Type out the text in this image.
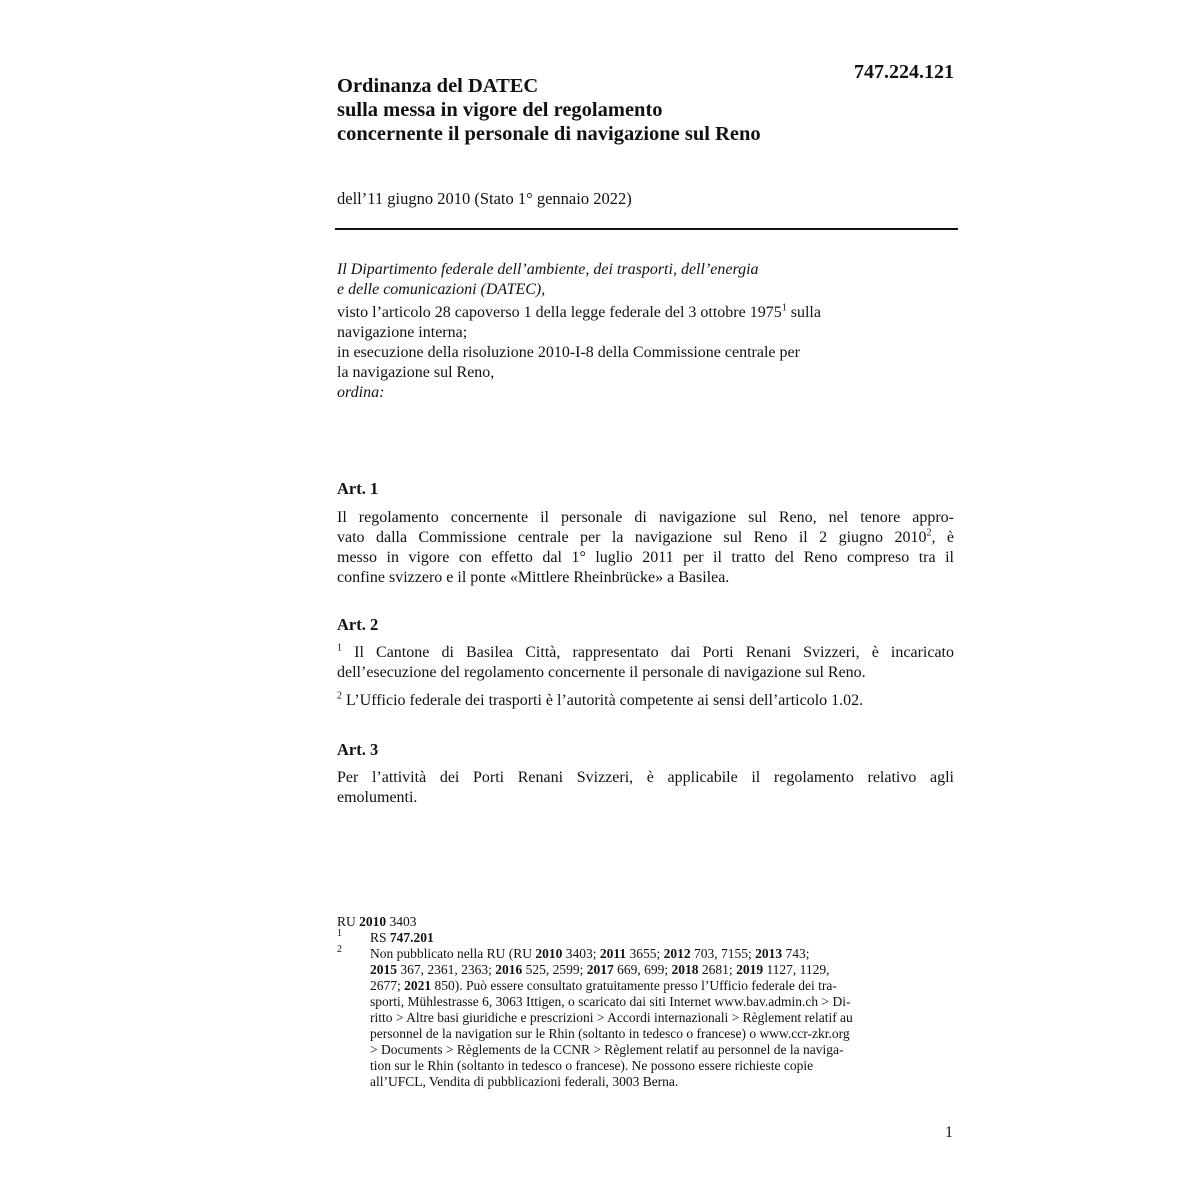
747.224.121
Ordinanza del DATEC
sulla messa in vigore del regolamento
concernente il personale di navigazione sul Reno
dell’11 giugno 2010 (Stato 1° gennaio 2022)
Il Dipartimento federale dell’ambiente, dei trasporti, dell’energia
e delle comunicazioni (DATEC),
visto l’articolo 28 capoverso 1 della legge federale del 3 ottobre 1975$^1$ sulla
navigazione interna;
in esecuzione della risoluzione 2010-I-8 della Commissione centrale per
la navigazione sul Reno,
ordina:
Art. 1
Il regolamento concernente il personale di navigazione sul Reno, nel tenore appro-
vato dalla Commissione centrale per la navigazione sul Reno il 2 giugno 2010$^2$, è
messo in vigore con effetto dal 1° luglio 2011 per il tratto del Reno compreso tra il
confine svizzero e il ponte «Mittlere Rheinbrücke» a Basilea.
Art. 2
$^1$ Il Cantone di Basilea Città, rappresentato dai Porti Renani Svizzeri, è incaricato
dell’esecuzione del regolamento concernente il personale di navigazione sul Reno.
$^2$ L’Ufficio federale dei trasporti è l’autorità competente ai sensi dell’articolo 1.02.
Art. 3
Per l’attività dei Porti Renani Svizzeri, è applicabile il regolamento relativo agli
emolumenti.
RU 2010 3403
1 RS 747.201
2 Non pubblicato nella RU (RU 2010 3403; 2011 3655; 2012 703, 7155; 2013 743;
2015 367, 2361, 2363; 2016 525, 2599; 2017 669, 699; 2018 2681; 2019 1127, 1129,
2677; 2021 850). Può essere consultato gratuitamente presso l’Ufficio federale dei tra-
sporti, Mühlestrasse 6, 3063 Ittigen, o scaricato dai siti Internet www.bav.admin.ch > Di-
ritto > Altre basi giuridiche e prescrizioni > Accordi internazionali > Règlement relatif au
personnel de la navigation sur le Rhin (soltanto in tedesco o francese) o www.ccr-zkr.org
> Documents > Règlements de la CCNR > Règlement relatif au personnel de la naviga-
tion sur le Rhin (soltanto in tedesco o francese). Ne possono essere richieste copie
all’UFCL, Vendita di pubblicazioni federali, 3003 Berna.
1
